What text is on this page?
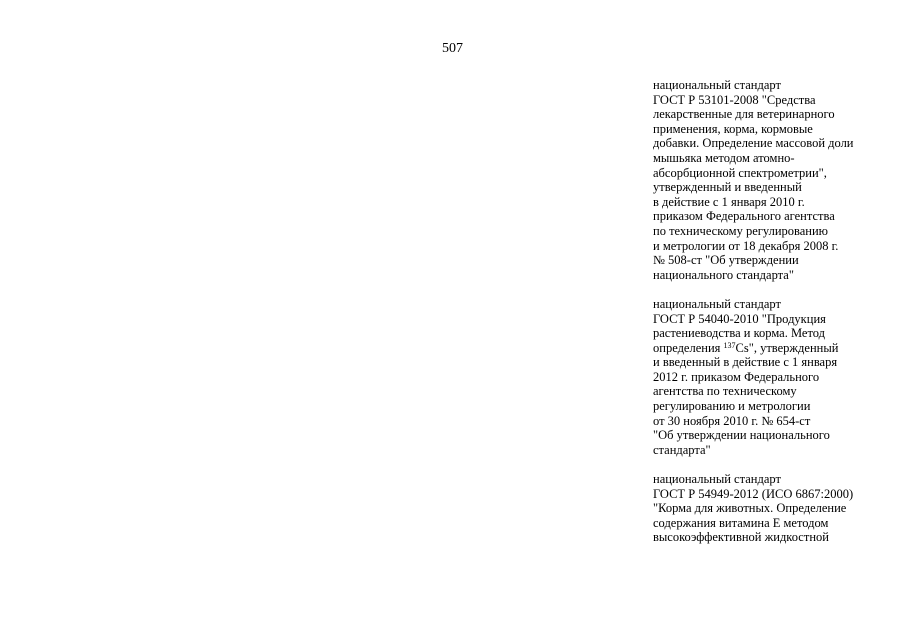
507
национальный стандарт
ГОСТ Р 53101-2008 "Средства
лекарственные для ветеринарного
применения, корма, кормовые
добавки. Определение массовой доли
мышьяка методом атомно-
абсорбционной спектрометрии",
утвержденный и введенный
в действие с 1 января 2010 г.
приказом Федерального агентства
по техническому регулированию
и метрологии от 18 декабря 2008 г.
№ 508-ст "Об утверждении
национального стандарта"
национальный стандарт
ГОСТ Р 54040-2010 "Продукция
растениеводства и корма. Метод
определения $^{137}$Cs", утвержденный
и введенный в действие с 1 января
2012 г. приказом Федерального
агентства по техническому
регулированию и метрологии
от 30 ноября 2010 г. № 654-ст
"Об утверждении национального
стандарта"
национальный стандарт
ГОСТ Р 54949-2012 (ИСО 6867:2000)
"Корма для животных. Определение
содержания витамина Е методом
высокоэффективной жидкостной
